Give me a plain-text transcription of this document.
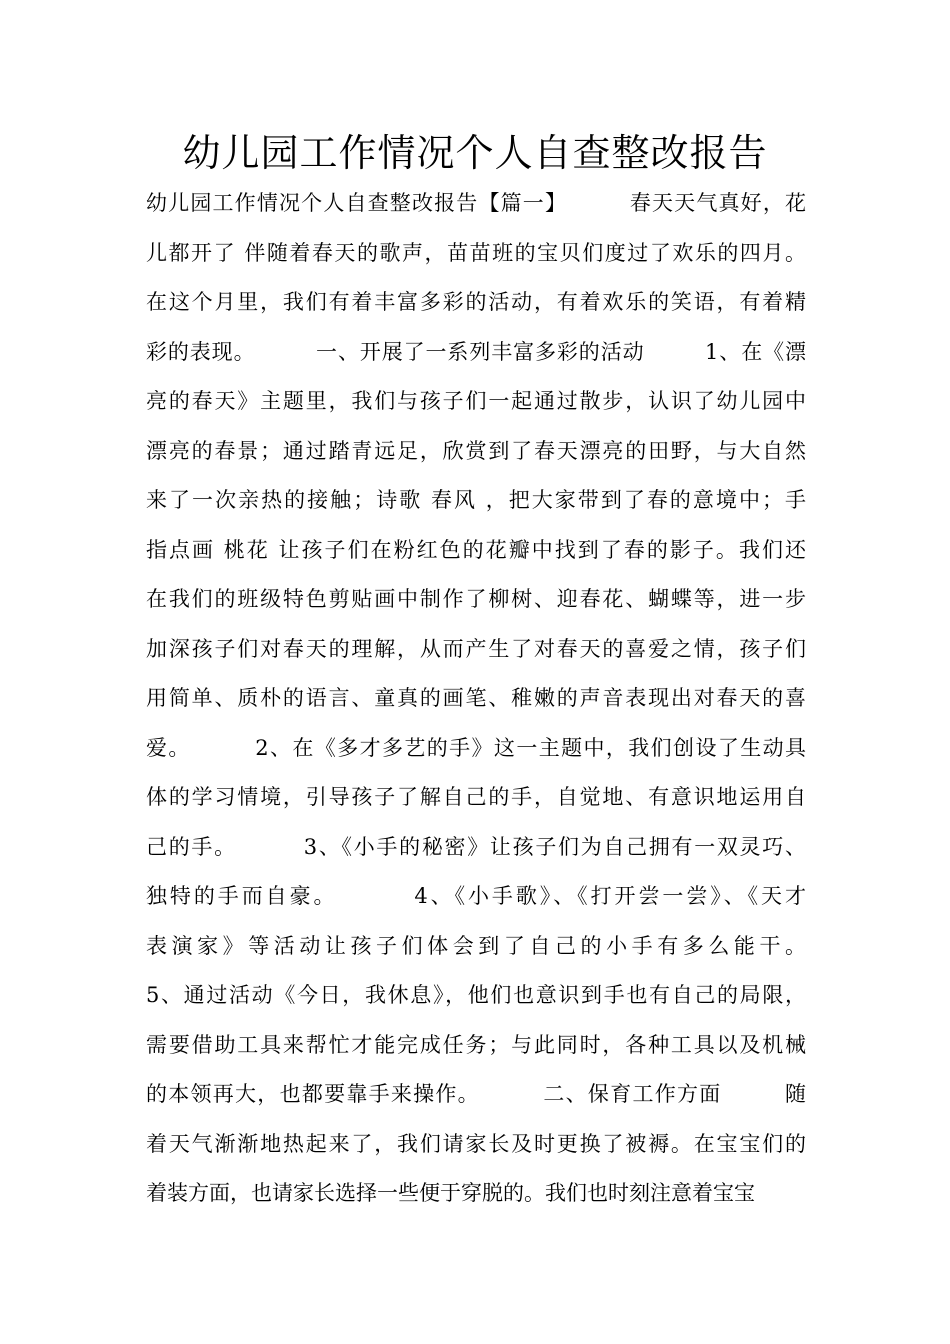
幼儿园工作情况个人自查整改报告
幼儿园工作情况个人自查整改报告【篇一】        春天天气真好，花
儿都开了 伴随着春天的歌声，苗苗班的宝贝们度过了欢乐的四月。
在这个月里，我们有着丰富多彩的活动，有着欢乐的笑语，有着精
彩的表现。        一、开展了一系列丰富多彩的活动        1、在《漂
亮的春天》主题里，我们与孩子们一起通过散步，认识了幼儿园中
漂亮的春景；通过踏青远足，欣赏到了春天漂亮的田野，与大自然
来了一次亲热的接触；诗歌 春风 ，把大家带到了春的意境中；手
指点画 桃花 让孩子们在粉红色的花瓣中找到了春的影子。我们还
在我们的班级特色剪贴画中制作了柳树、迎春花、蝴蝶等，进一步
加深孩子们对春天的理解，从而产生了对春天的喜爱之情，孩子们
用简单、质朴的语言、童真的画笔、稚嫩的声音表现出对春天的喜
爱。        2、在《多才多艺的手》这一主题中，我们创设了生动具
体的学习情境，引导孩子了解自己的手，自觉地、有意识地运用自
己的手。        3、《小手的秘密》让孩子们为自己拥有一双灵巧、
独特的手而自豪。        4、《小手歌》、《打开尝一尝》、《天才
表演家》等活动让孩子们体会到了自己的小手有多么能干。
5、通过活动《今日，我休息》，他们也意识到手也有自己的局限，
需要借助工具来帮忙才能完成任务；与此同时，各种工具以及机械
的本领再大，也都要靠手来操作。        二、保育工作方面        随
着天气渐渐地热起来了，我们请家长及时更换了被褥。在宝宝们的
着装方面，也请家长选择一些便于穿脱的。我们也时刻注意着宝宝
